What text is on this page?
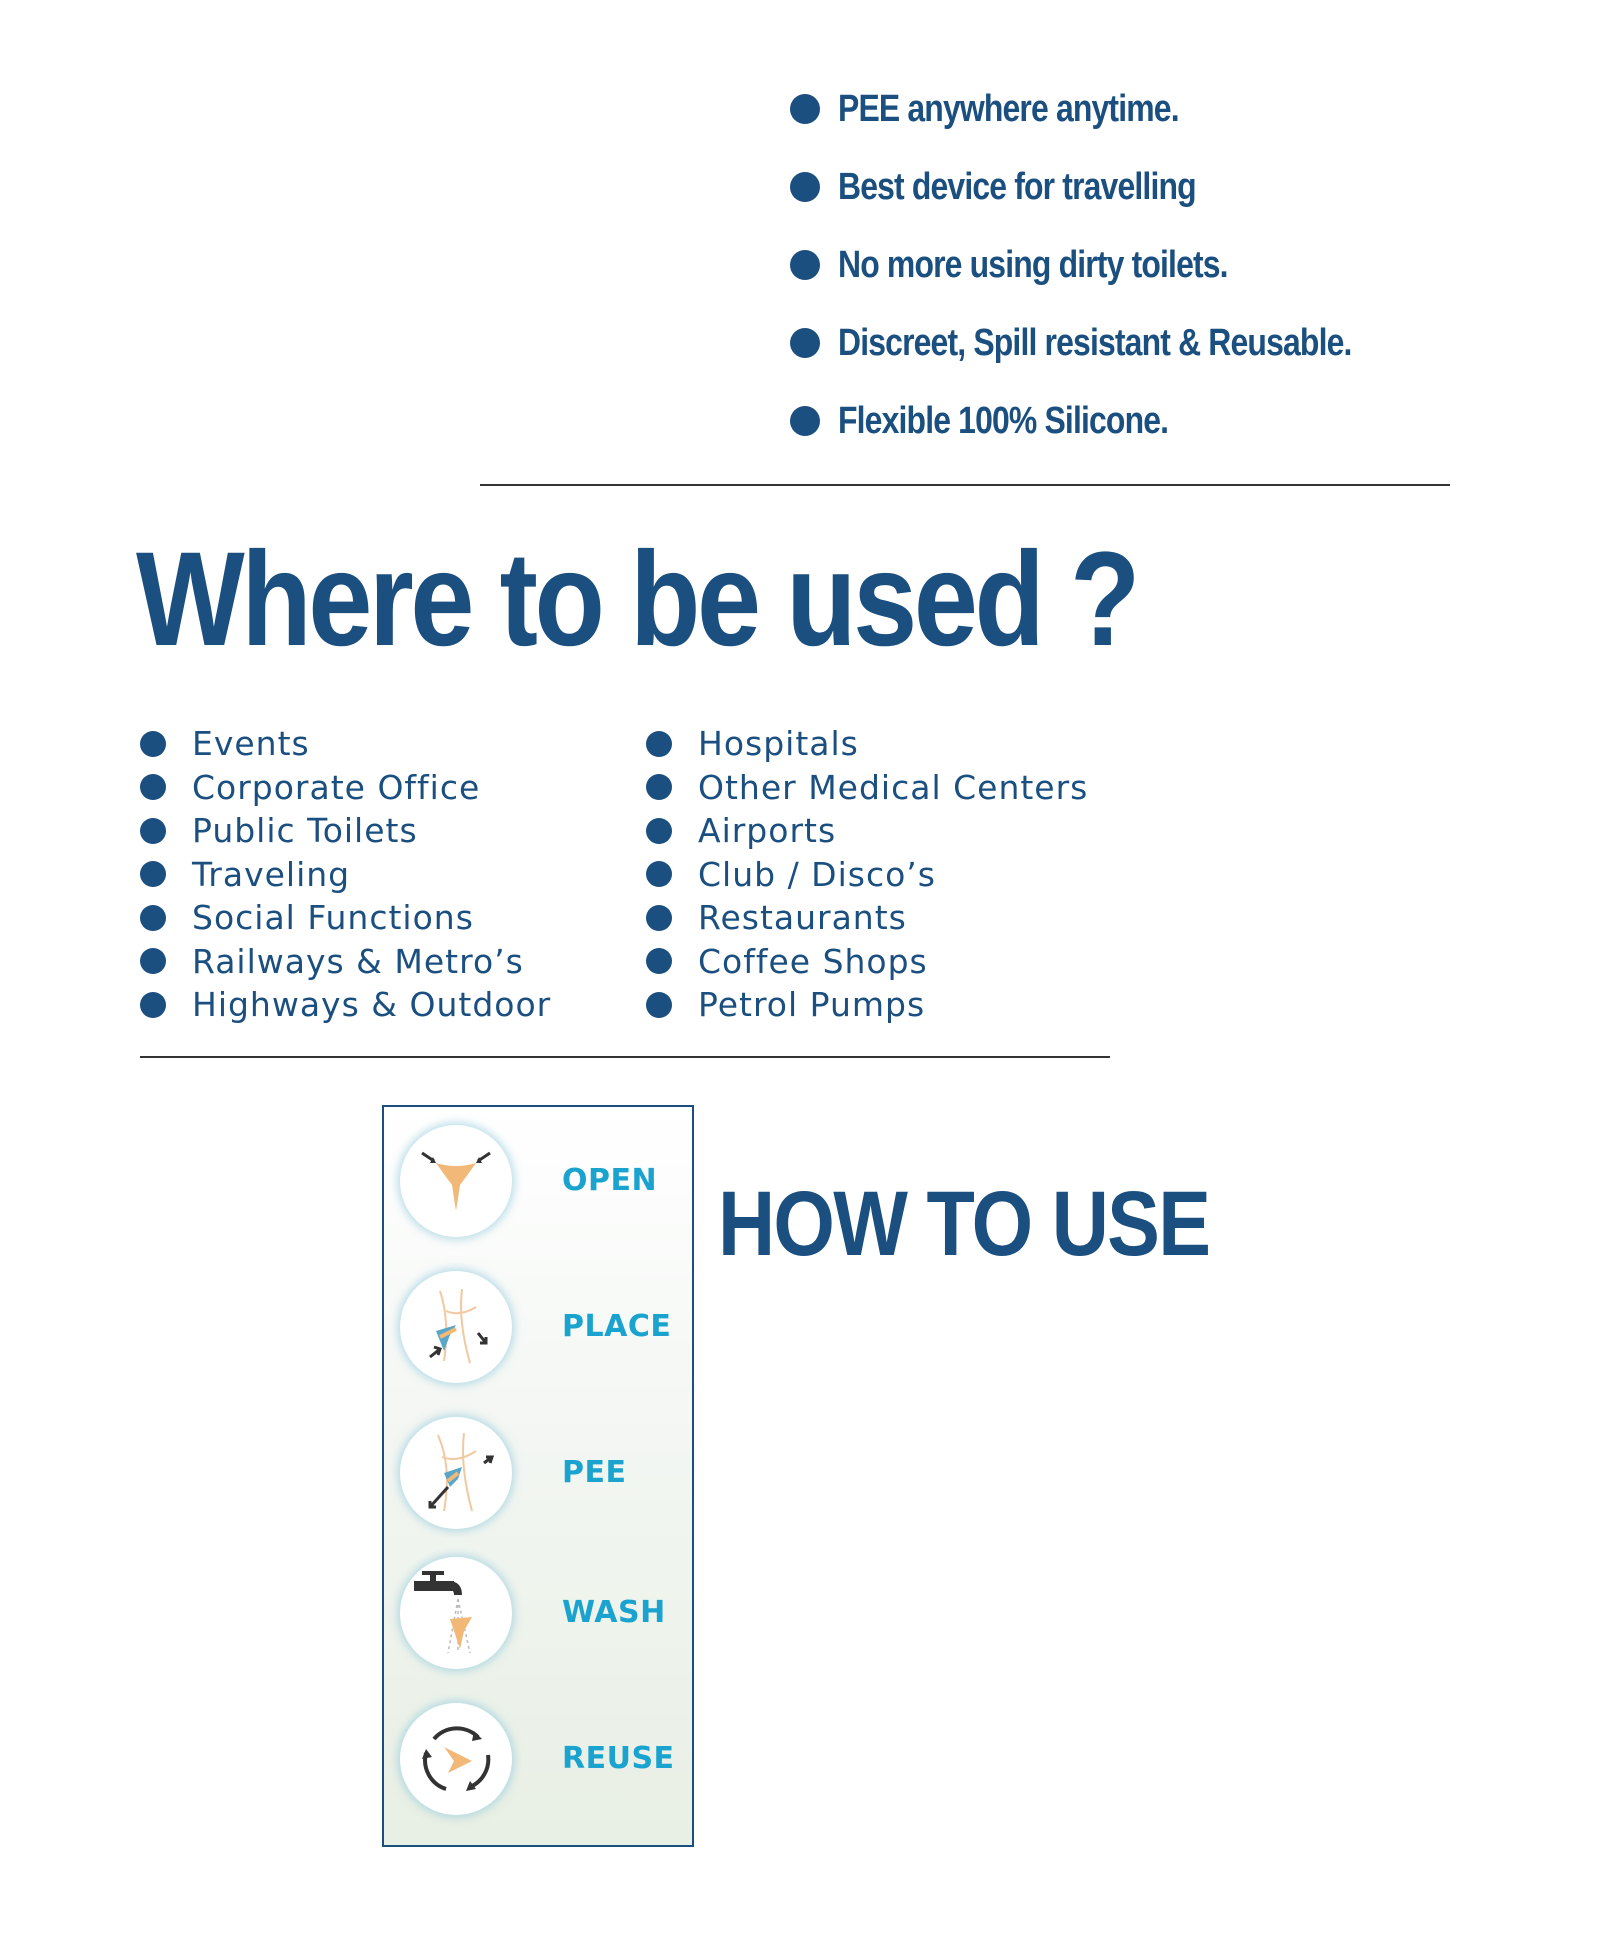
PEE anywhere anytime.
Best device for travelling
No more using dirty toilets.
Discreet, Spill resistant & Reusable.
Flexible 100% Silicone.
Where to be used ?
Events
Corporate Office
Public Toilets
Traveling
Social Functions
Railways & Metro’s
Highways & Outdoor
Hospitals
Other Medical Centers
Airports
Club / Disco’s
Restaurants
Coffee Shops
Petrol Pumps
OPEN
PLACE
PEE
WASH
REUSE
HOW TO USE
